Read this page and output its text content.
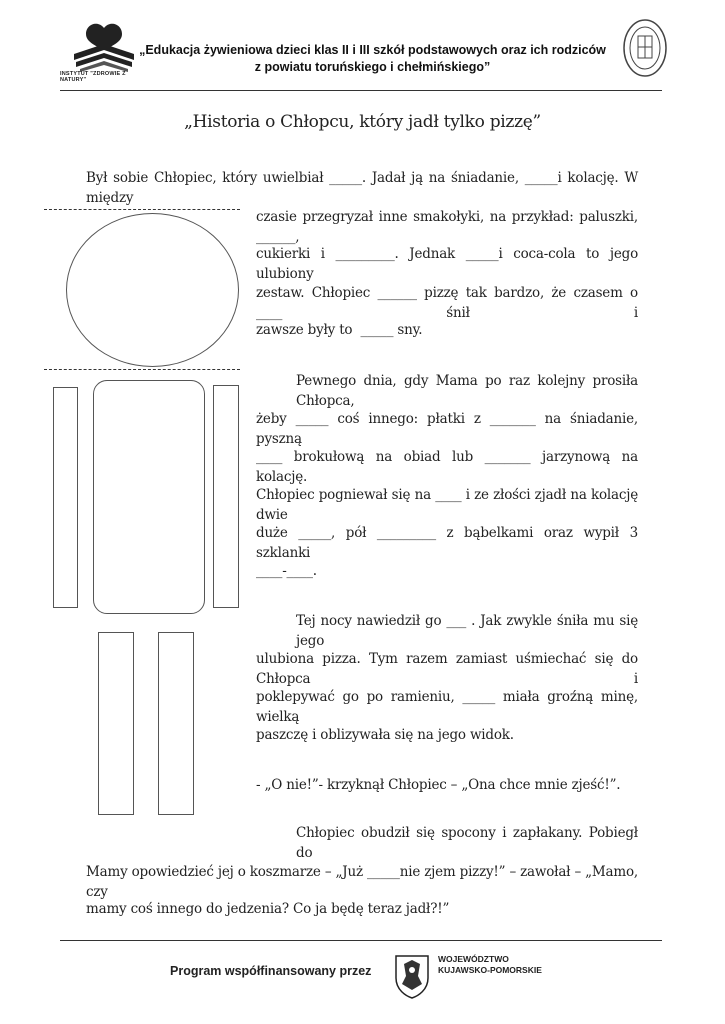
INSTYTUT "ZDROWIE Z NATURY"
„Edukacja żywieniowa dzieci klas II i III szkół podstawowych oraz ich rodziców
z powiatu toruńskiego i chełmińskiego”
„Historia o Chłopcu, który jadł tylko pizzę”
Był sobie Chłopiec, który uwielbiał _____. Jadał ją na śniadanie, _____i kolację. W między
czasie przegryzał inne smakołyki, na przykład: paluszki, ______,
cukierki i _________. Jednak _____i coca-cola to jego ulubiony
zestaw. Chłopiec ______ pizzę tak bardzo, że czasem o ____ śnił i
zawsze były to  _____ sny.
Pewnego dnia, gdy Mama po raz kolejny prosiła Chłopca,
żeby _____ coś innego: płatki z _______ na śniadanie, pyszną
____ brokułową na obiad lub _______ jarzynową na kolację.
Chłopiec pogniewał się na ____ i ze złości zjadł na kolację dwie
duże _____, pół _________ z bąbelkami oraz wypił 3 szklanki
____-____.
Tej nocy nawiedził go ___ . Jak zwykle śniła mu się jego
ulubiona pizza. Tym razem zamiast uśmiechać się do Chłopca i
poklepywać go po ramieniu, _____ miała groźną minę, wielką
paszczę i oblizywała się na jego widok.
- „O nie!”- krzyknął Chłopiec – „Ona chce mnie zjeść!”.
Chłopiec obudził się spocony i zapłakany. Pobiegł do
Mamy opowiedzieć jej o koszmarze – „Już _____nie zjem pizzy!” – zawołał – „Mamo, czy
mamy coś innego do jedzenia? Co ja będę teraz jadł?!”
Program współfinansowany przez
WOJEWÓDZTWO
KUJAWSKO-POMORSKIE
